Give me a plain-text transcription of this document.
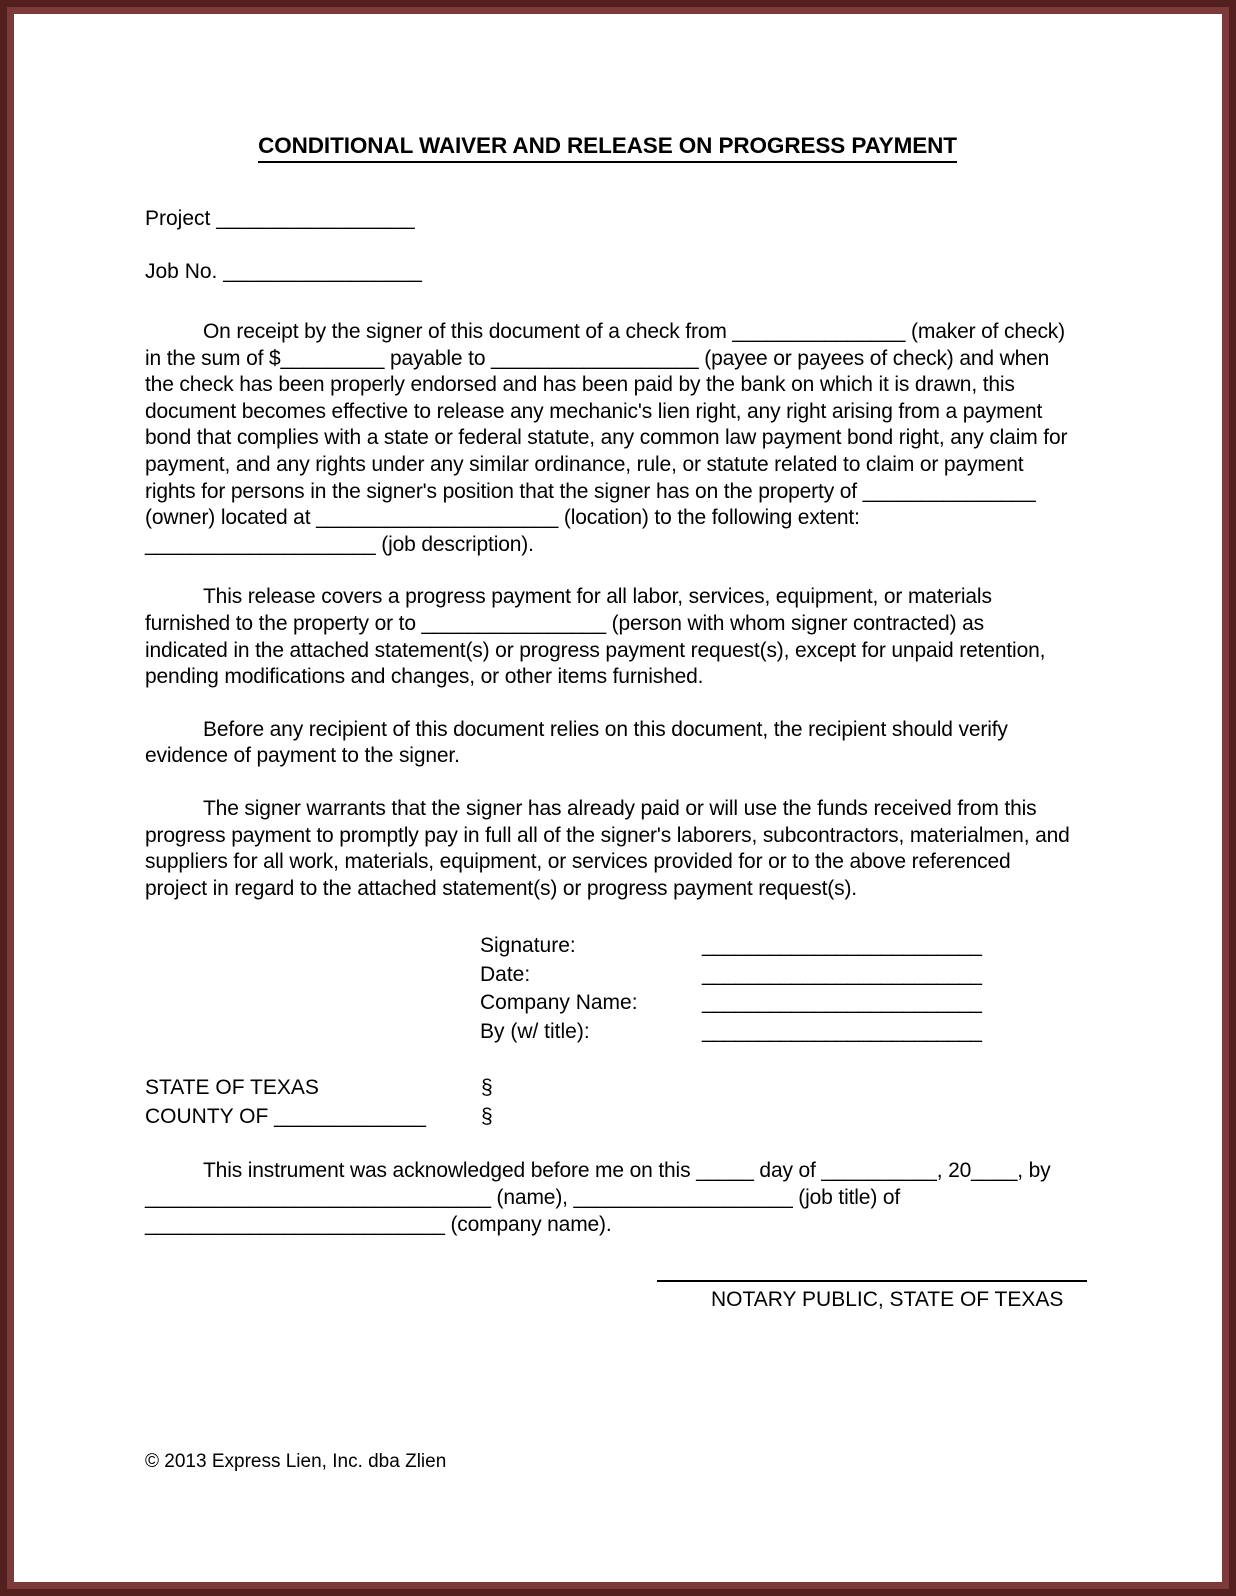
CONDITIONAL WAIVER AND RELEASE ON PROGRESS PAYMENT
Project _________________
Job No. _________________

On receipt by the signer of this document of a check from _______________ (maker of check) in the sum of $_________ payable to __________________ (payee or payees of check) and when the check has been properly endorsed and has been paid by the bank on which it is drawn, this document becomes effective to release any mechanic's lien right, any right arising from a payment bond that complies with a state or federal statute, any common law payment bond right, any claim for payment, and any rights under any similar ordinance, rule, or statute related to claim or payment rights for persons in the signer's position that the signer has on the property of _______________ (owner) located at _____________________ (location) to the following extent: ____________________ (job description).

This release covers a progress payment for all labor, services, equipment, or materials furnished to the property or to ________________ (person with whom signer contracted) as indicated in the attached statement(s) or progress payment request(s), except for unpaid retention, pending modifications and changes, or other items furnished.

Before any recipient of this document relies on this document, the recipient should verify evidence of payment to the signer.

The signer warrants that the signer has already paid or will use the funds received from this progress payment to promptly pay in full all of the signer's laborers, subcontractors, materialmen, and suppliers for all work, materials, equipment, or services provided for or to the above referenced project in regard to the attached statement(s) or progress payment request(s).

Signature:	_________________________
Date:	_________________________
Company Name:	_________________________
By (w/ title):	_________________________
STATE OF TEXAS	§
COUNTY OF _____________	§

This instrument was acknowledged before me on this _____ day of __________, 20____, by ______________________________ (name), ___________________ (job title) of __________________________ (company name).

NOTARY PUBLIC, STATE OF TEXAS
© 2013 Express Lien, Inc. dba Zlien
